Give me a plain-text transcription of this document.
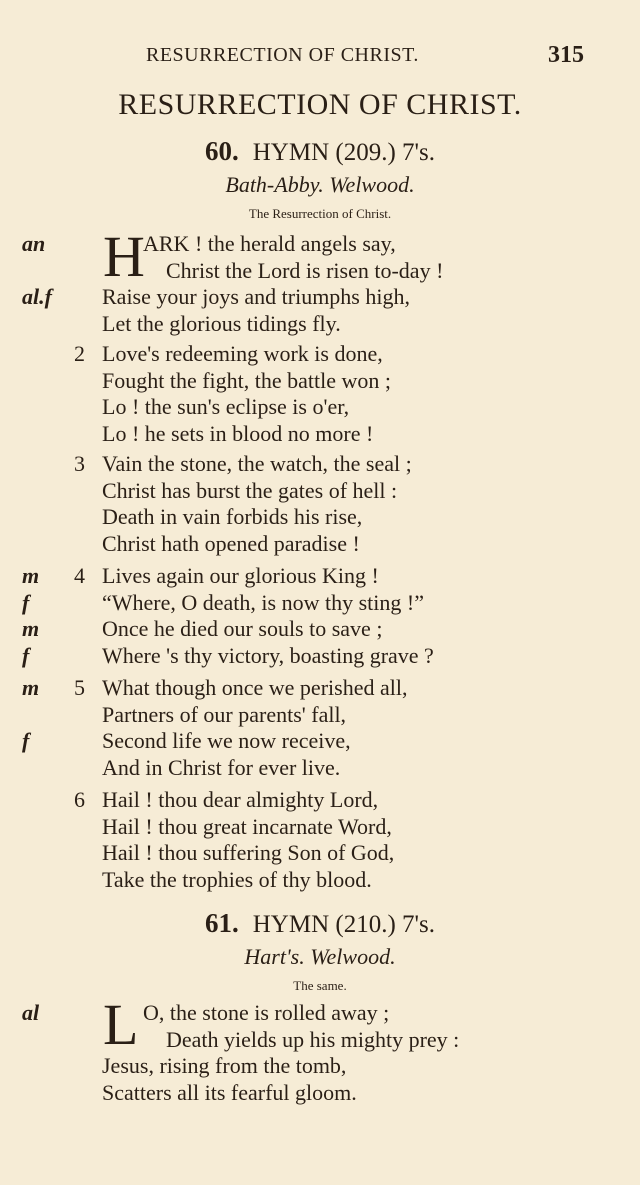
RESURRECTION OF CHRIST.	315
RESURRECTION OF CHRIST.
60. HYMN (209.) 7's.
Bath-Abby. Welwood.
The Resurrection of Christ.
H
an	ARK ! the herald angels say,
Christ the Lord is risen to-day !
al.f Raise your joys and triumphs high,
Let the glorious tidings fly.
2 Love's redeeming work is done,
Fought the fight, the battle won ;
Lo ! the sun's eclipse is o'er,
Lo ! he sets in blood no more !
3 Vain the stone, the watch, the seal ;
Christ has burst the gates of hell :
Death in vain forbids his rise,
Christ hath opened paradise !
m 4 Lives again our glorious King !
f	“Where, O death, is now thy sting !”
m	Once he died our souls to save ;
f	Where 's thy victory, boasting grave ?
m 5 What though once we perished all,
Partners of our parents' fall,
f	Second life we now receive,
And in Christ for ever live.
6 Hail ! thou dear almighty Lord,
Hail ! thou great incarnate Word,
Hail ! thou suffering Son of God,
Take the trophies of thy blood.
61. HYMN (210.) 7's.
Hart's. Welwood.
The same.
L
al	O, the stone is rolled away ;
Death yields up his mighty prey :
Jesus, rising from the tomb,
Scatters all its fearful gloom.
